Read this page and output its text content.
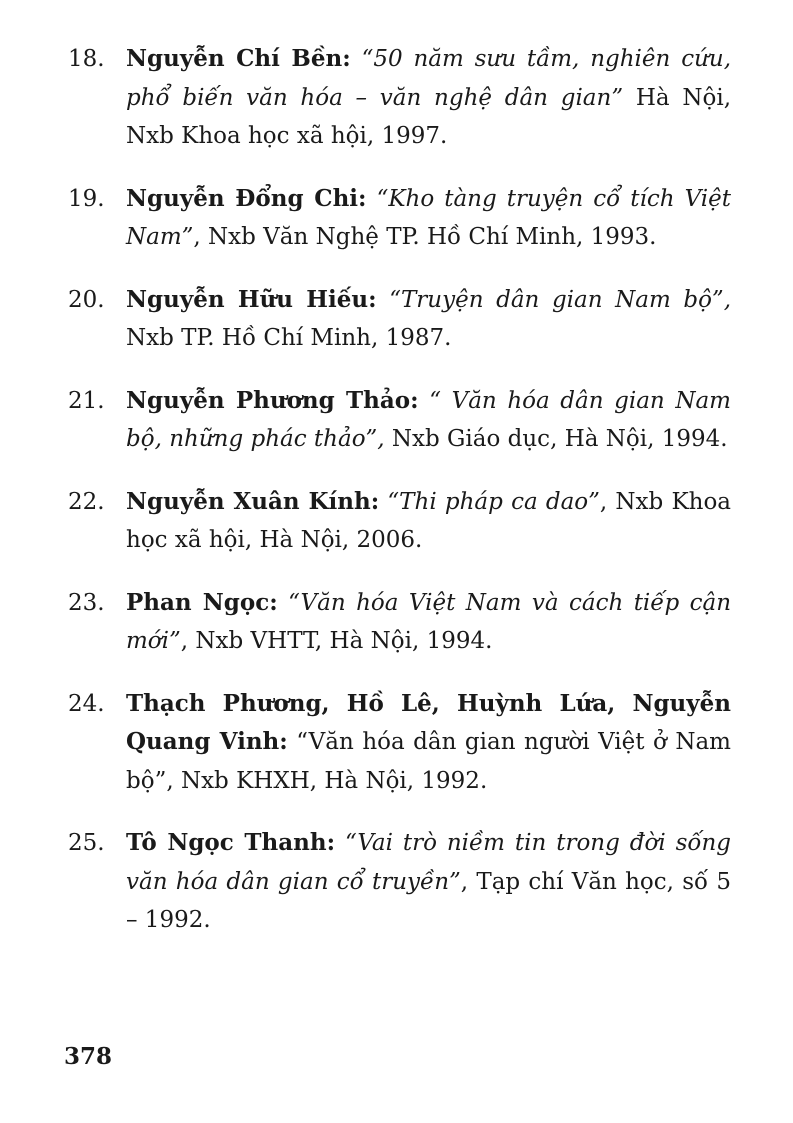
18. Nguyễn Chí Bền: “50 năm sưu tầm, nghiên cứu, phổ biến văn hóa – văn nghệ dân gian” Hà Nội, Nxb Khoa học xã hội, 1997.
19. Nguyễn Đổng Chi: “Kho tàng truyện cổ tích Việt Nam”, Nxb Văn Nghệ TP. Hồ Chí Minh, 1993.
20. Nguyễn Hữu Hiếu: “Truyện dân gian Nam bộ”, Nxb TP. Hồ Chí Minh, 1987.
21. Nguyễn Phương Thảo: “ Văn hóa dân gian Nam bộ, những phác thảo”, Nxb Giáo dục, Hà Nội, 1994.
22. Nguyễn Xuân Kính: “Thi pháp ca dao”, Nxb Khoa học xã hội, Hà Nội, 2006.
23. Phan Ngọc: “Văn hóa Việt Nam và cách tiếp cận mới”, Nxb VHTT, Hà Nội, 1994.
24. Thạch Phương, Hồ Lê, Huỳnh Lứa, Nguyễn Quang Vinh: “Văn hóa dân gian người Việt ở Nam bộ”, Nxb KHXH, Hà Nội, 1992.
25. Tô Ngọc Thanh: “Vai trò niềm tin trong đời sống văn hóa dân gian cổ truyền”, Tạp chí Văn học, số 5 – 1992.
378
